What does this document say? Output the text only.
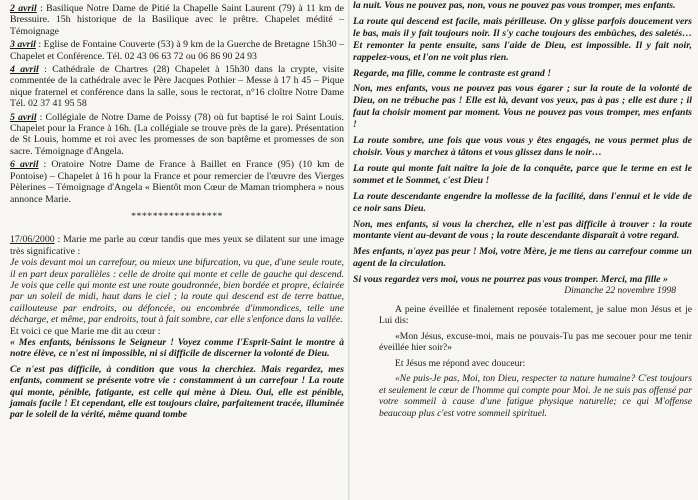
2 avril : Basilique Notre Dame de Pitié la Chapelle Saint Laurent (79) à 11 km de Bressuire. 15h historique de la Basilique avec le prêtre. Chapelet médité – Témoignage

3 avril : Eglise de Fontaine Couverte (53) à 9 km de la Guerche de Bretagne 15h30 – Chapelet et Conférence. Tél. 02 43 06 63 72 ou 06 86 90 24 93

4 avril : Cathédrale de Chartres (28) Chapelet à 15h30 dans la crypte, visite commentée de la cathédrale avec le Père Jacques Pothier – Messe à 17 h 45 – Pique nique fraternel et conférence dans la salle, sous le rectorat, n°16 cloître Notre Dame Tél. 02 37 41 95 58

5 avril : Collégiale de Notre Dame de Poissy (78) où fut baptisé le roi Saint Louis. Chapelet pour la France à 16h. (La collégiale se trouve près de la gare). Présentation de St Louis, homme et roi avec les promesses de son baptême et promesses de son sacre. Témoignage d'Angela.

6 avril : Oratoire Notre Dame de France à Baillet en France (95) (10 km de Pontoise) – Chapelet à 16 h pour la France et pour remercier de l'œuvre des Vierges Pèlerines – Témoignage d'Angela « Bientôt mon Cœur de Maman triomphera » nous annonce Marie.

*****************

17/06/2000 : Marie me parle au cœur tandis que mes yeux se dilatent sur une image très significative :

Je vois devant moi un carrefour, ou mieux une bifurcation, vu que, d'une seule route, il en part deux parallèles : celle de droite qui monte et celle de gauche qui descend. Je vois que celle qui monte est une route goudronnée, bien bordée et propre, éclairée par un soleil de midi, haut dans le ciel ; la route qui descend est de terre battue, caillouteuse par endroits, ou défoncée, ou encombrée d'immondices, telle une décharge, et même, par endroits, tout à fait sombre, car elle s'enfonce dans la vallée.

Et voici ce que Marie me dit au cœur :

« Mes enfants, bénissons le Seigneur ! Voyez comme l'Esprit-Saint le montre à notre élève, ce n'est ni impossible, ni si difficile de discerner la volonté de Dieu.

Ce n'est pas difficile, à condition que vous la cherchiez. Mais regardez, mes enfants, comment se présente votre vie : constamment à un carrefour ! La route qui monte, pénible, fatigante, est celle qui mène à Dieu. Oui, elle est pénible, jamais facile ! Et cependant, elle est toujours claire, parfaitement tracée, illuminée par le soleil de la vérité, même quand tombe

la nuit. Vous ne pouvez pas, non, vous ne pouvez pas vous tromper, mes enfants.

La route qui descend est facile, mais périlleuse. On y glisse parfois doucement vers le bas, mais il y fait toujours noir. Il s'y cache toujours des embûches, des saletés… Et remonter la pente ensuite, sans l'aide de Dieu, est impossible. Il y fait noir, rappelez-vous, et l'on ne voit plus rien.

Regarde, ma fille, comme le contraste est grand !

Non, mes enfants, vous ne pouvez pas vous égarer ; sur la route de la volonté de Dieu, on ne trébuche pas ! Elle est là, devant vos yeux, pas à pas ; elle est dure ; il faut la choisir moment par moment. Vous ne pouvez pas vous tromper, mes enfants !

La route sombre, une fois que vous vous y êtes engagés, ne vous permet plus de choisir. Vous y marchez à tâtons et vous glissez dans le noir…

La route qui monte fait naître la joie de la conquête, parce que le terme en est le sommet et le Sommet, c'est Dieu !

La route descendante engendre la mollesse de la facilité, dans l'ennui et le vide de ce noir sans Dieu.

Non, mes enfants, si vous la cherchez, elle n'est pas difficile à trouver : la route montante vient au-devant de vous ; la route descendante disparaît à votre regard.

Mes enfants, n'ayez pas peur ! Moi, votre Mère, je me tiens au carrefour comme un agent de la circulation.

Si vous regardez vers moi, vous ne pourrez pas vous tromper. Merci, ma fille »

Dimanche 22 novembre 1998

A peine éveillée et finalement reposée totalement, je salue mon Jésus et je Lui dis:

«Mon Jésus, excuse-moi, mais ne pouvais-Tu pas me secouer pour me tenir éveillée hier soir?»

Et Jésus me répond avec douceur:

«Ne puis-Je pas, Moi, ton Dieu, respecter ta nature humaine? C'est toujours et seulement le cœur de l'homme qui compte pour Moi. Je ne suis pas offensé par votre sommeil à cause d'une fatigue physique naturelle; ce qui M'offense beaucoup plus c'est votre sommeil spirituel.
